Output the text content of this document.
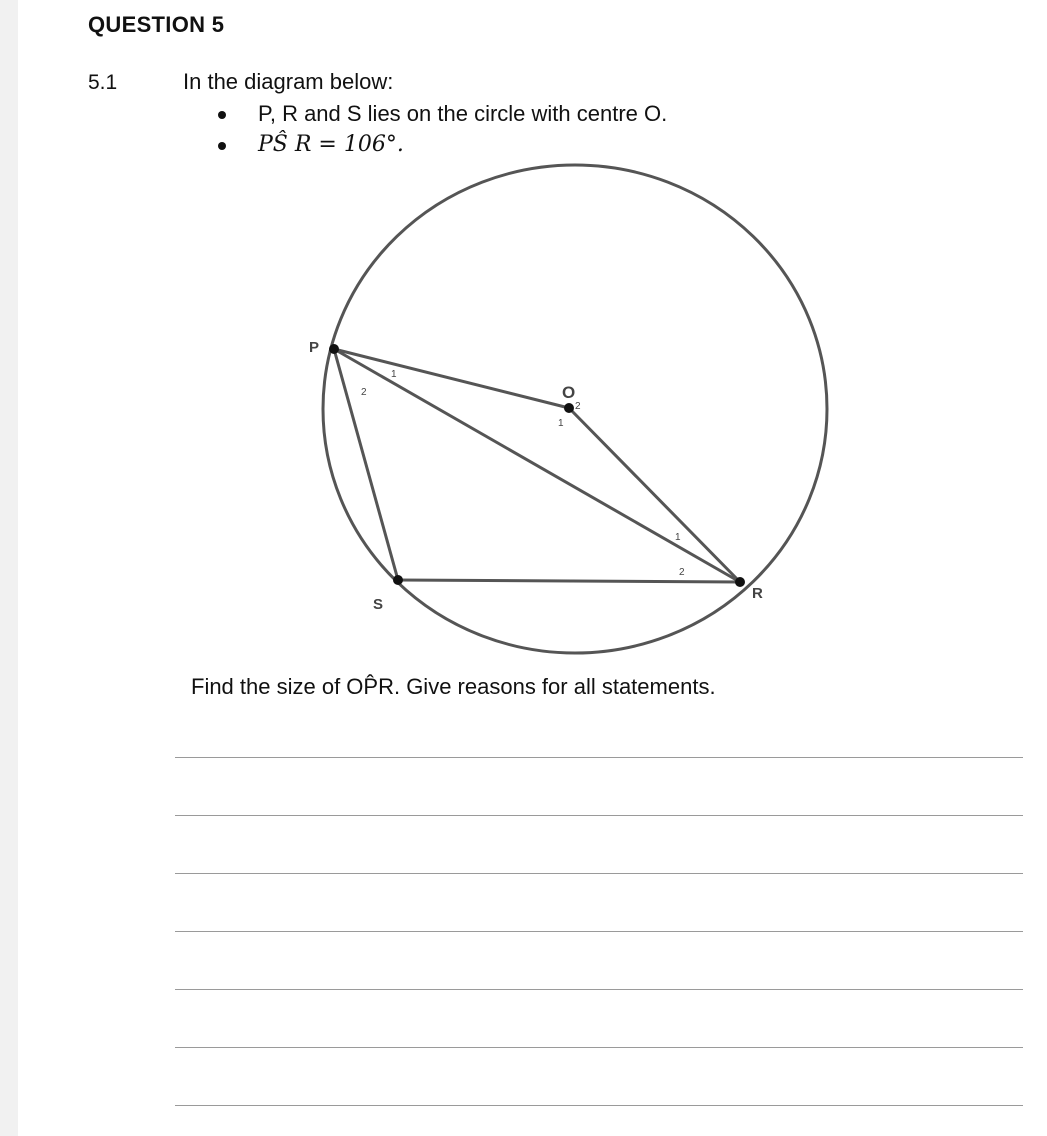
QUESTION 5
5.1	In the diagram below:
P, R and S lies on the circle with centre O.
PŜ R = 106°.
P
O
R
S
1
2
1
2
1
2
Find the size of OP̂R. Give reasons for all statements.
